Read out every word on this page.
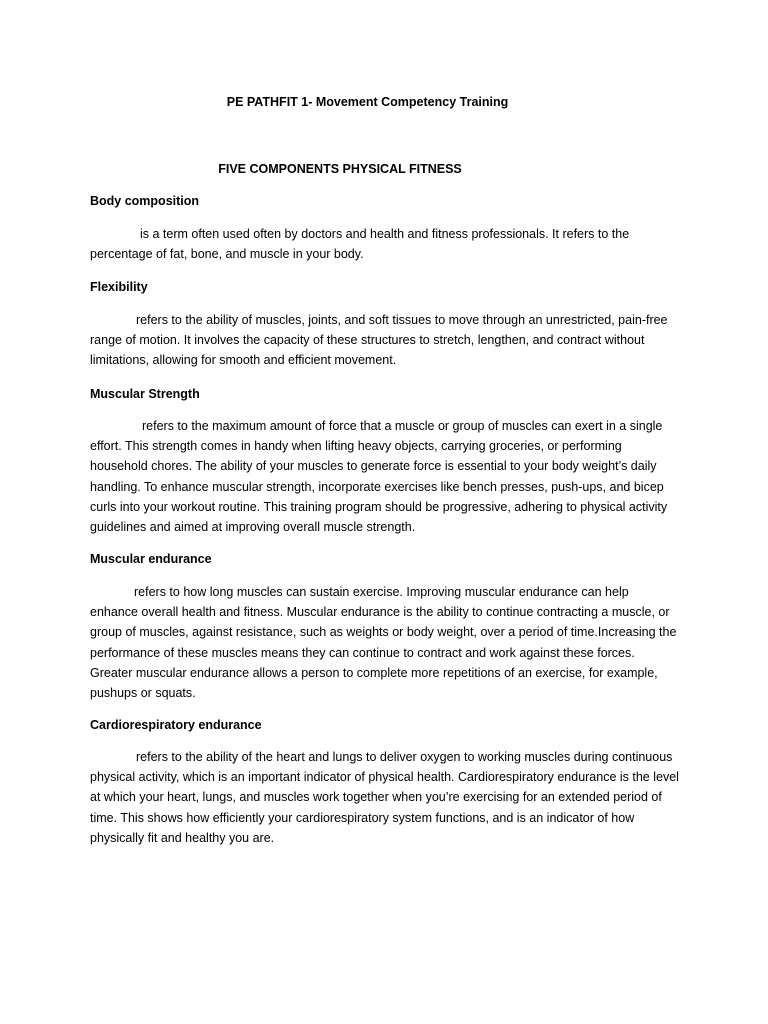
PE PATHFIT 1- Movement Competency Training

FIVE COMPONENTS PHYSICAL FITNESS

Body composition

is a term often used often by doctors and health and fitness professionals. It refers to the percentage of fat, bone, and muscle in your body.

Flexibility

refers to the ability of muscles, joints, and soft tissues to move through an unrestricted, pain-free range of motion. It involves the capacity of these structures to stretch, lengthen, and contract without limitations, allowing for smooth and efficient movement.

Muscular Strength

refers to the maximum amount of force that a muscle or group of muscles can exert in a single effort. This strength comes in handy when lifting heavy objects, carrying groceries, or performing household chores. The ability of your muscles to generate force is essential to your body weight’s daily handling. To enhance muscular strength, incorporate exercises like bench presses, push-ups, and bicep curls into your workout routine. This training program should be progressive, adhering to physical activity guidelines and aimed at improving overall muscle strength.

Muscular endurance

refers to how long muscles can sustain exercise. Improving muscular endurance can help enhance overall health and fitness. Muscular endurance is the ability to continue contracting a muscle, or group of muscles, against resistance, such as weights or body weight, over a period of time.Increasing the performance of these muscles means they can continue to contract and work against these forces. Greater muscular endurance allows a person to complete more repetitions of an exercise, for example, pushups or squats.

Cardiorespiratory endurance

refers to the ability of the heart and lungs to deliver oxygen to working muscles during continuous physical activity, which is an important indicator of physical health. Cardiorespiratory endurance is the level at which your heart, lungs, and muscles work together when you’re exercising for an extended period of time. This shows how efficiently your cardiorespiratory system functions, and is an indicator of how physically fit and healthy you are.
